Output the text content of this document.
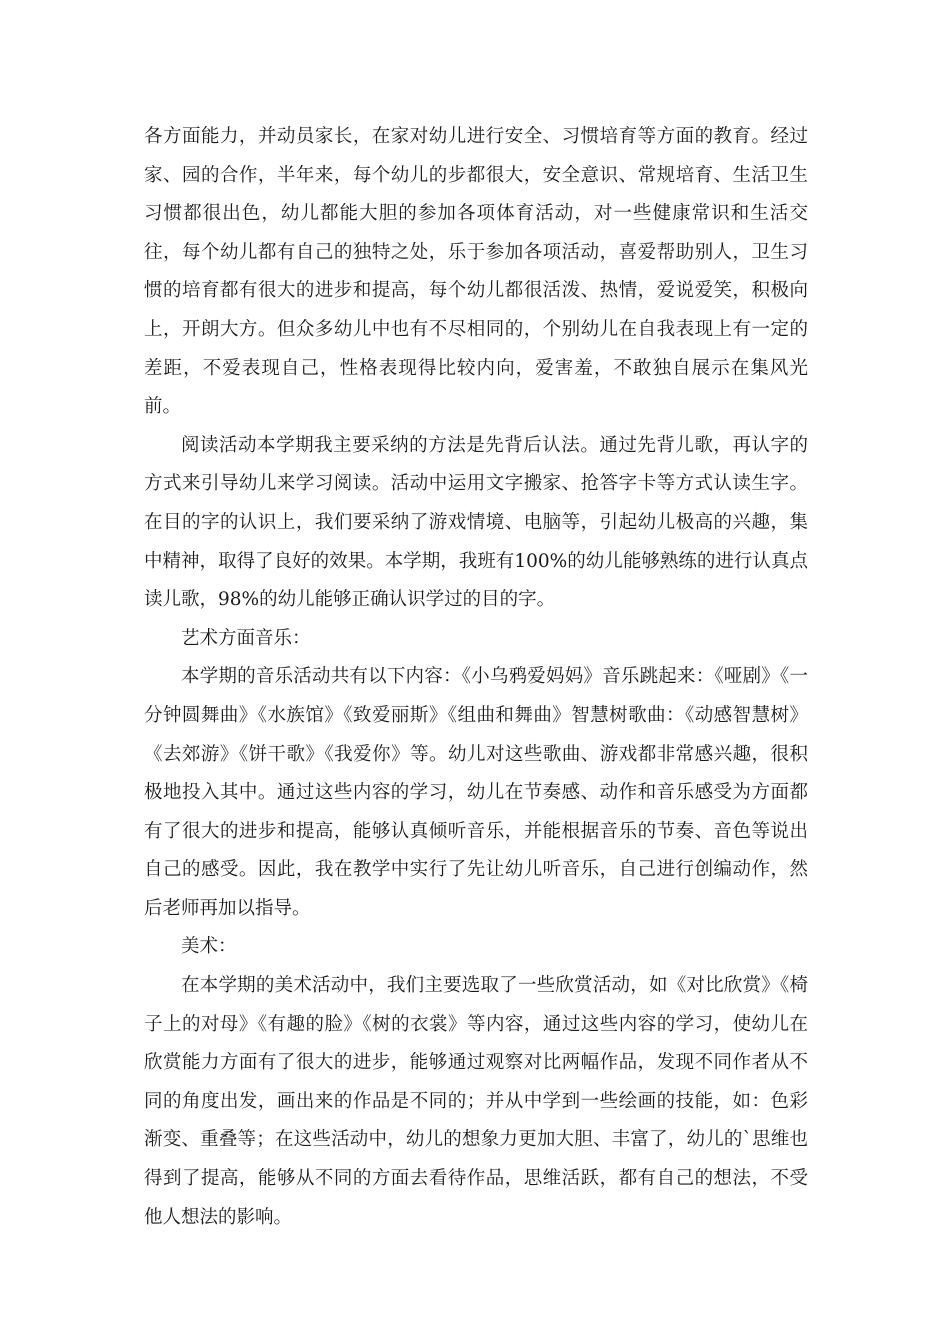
各方面能力，并动员家长，在家对幼儿进行安全、习惯培育等方面的教育。经过家、园的合作，半年来，每个幼儿的步都很大，安全意识、常规培育、生活卫生习惯都很出色，幼儿都能大胆的参加各项体育活动，对一些健康常识和生活交往，每个幼儿都有自己的独特之处，乐于参加各项活动，喜爱帮助别人，卫生习惯的培育都有很大的进步和提高，每个幼儿都很活泼、热情，爱说爱笑，积极向上，开朗大方。但众多幼儿中也有不尽相同的，个别幼儿在自我表现上有一定的差距，不爱表现自己，性格表现得比较内向，爱害羞，不敢独自展示在集风光前。

阅读活动本学期我主要采纳的方法是先背后认法。通过先背儿歌，再认字的方式来引导幼儿来学习阅读。活动中运用文字搬家、抢答字卡等方式认读生字。在目的字的认识上，我们要采纳了游戏情境、电脑等，引起幼儿极高的兴趣，集中精神，取得了良好的效果。本学期，我班有100%的幼儿能够熟练的进行认真点读儿歌，98%的幼儿能够正确认识学过的目的字。

艺术方面音乐：

本学期的音乐活动共有以下内容：《小乌鸦爱妈妈》音乐跳起来：《哑剧》《一分钟圆舞曲》《水族馆》《致爱丽斯》《组曲和舞曲》智慧树歌曲：《动感智慧树》《去郊游》《饼干歌》《我爱你》等。幼儿对这些歌曲、游戏都非常感兴趣，很积极地投入其中。通过这些内容的学习，幼儿在节奏感、动作和音乐感受为方面都有了很大的进步和提高，能够认真倾听音乐，并能根据音乐的节奏、音色等说出自己的感受。因此，我在教学中实行了先让幼儿听音乐，自己进行创编动作，然后老师再加以指导。

美术：

在本学期的美术活动中，我们主要选取了一些欣赏活动，如《对比欣赏》《椅子上的对母》《有趣的脸》《树的衣裳》等内容，通过这些内容的学习，使幼儿在欣赏能力方面有了很大的进步，能够通过观察对比两幅作品，发现不同作者从不同的角度出发，画出来的作品是不同的；并从中学到一些绘画的技能，如：色彩渐变、重叠等；在这些活动中，幼儿的想象力更加大胆、丰富了，幼儿的`思维也得到了提高，能够从不同的方面去看待作品，思维活跃，都有自己的想法，不受他人想法的影响。
